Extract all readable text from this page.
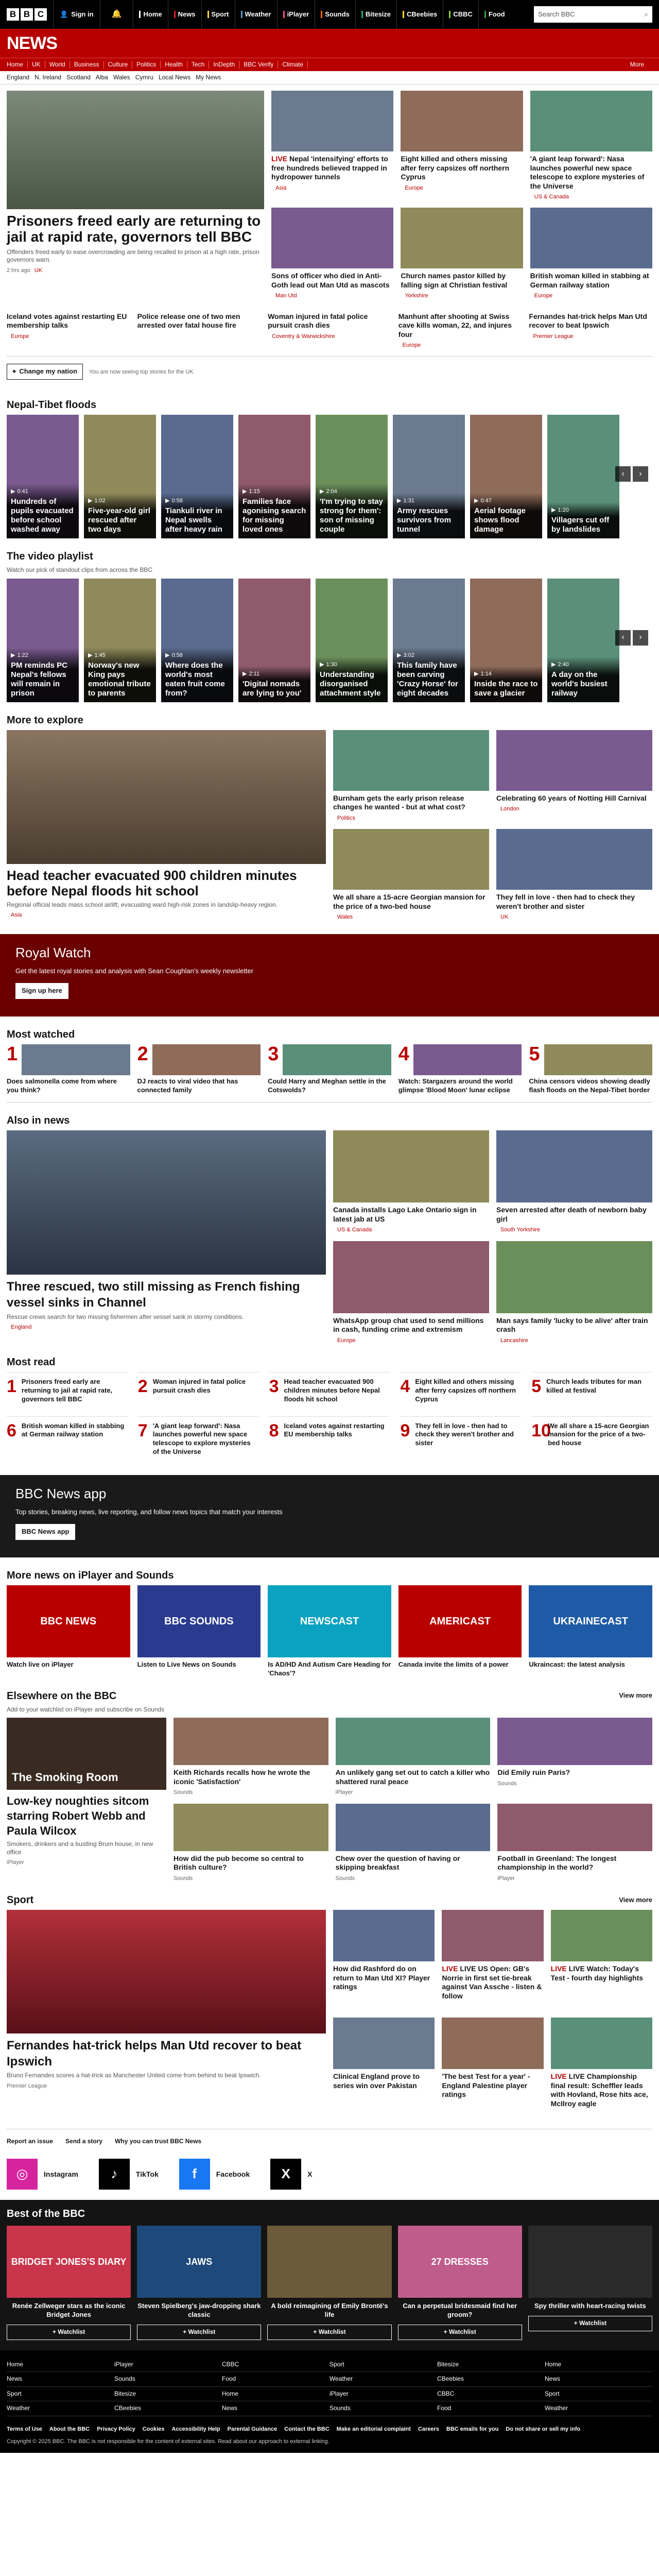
B B C	👤 Sign in	🔔	Home News Sport Weather iPlayer Sounds Bitesize CBeebies CBBC Food	Search BBC	⌕
NEWS
Home	UK	World	Business	Culture	Politics	Health	Tech	InDepth	BBC Verify	Climate	More
England N. Ireland Scotland Alba Wales Cymru Local News My News
Prisoners freed early are returning to jail at rapid rate, governors tell BBC

Offenders freed early to ease overcrowding are being recalled to prison at a high rate, prison governors warn.

2 hrs ago UK
LIVE Nepal 'intensifying' efforts to free hundreds believed trapped in hydropower tunnels
Asia
Eight killed and others missing after ferry capsizes off northern Cyprus
Europe
'A giant leap forward': Nasa launches powerful new space telescope to explore mysteries of the Universe
US & Canada
Sons of officer who died in Anti-Goth lead out Man Utd as mascots
Man Utd
Church names pastor killed by falling sign at Christian festival
Yorkshire
British woman killed in stabbing at German railway station
Europe
Iceland votes against restarting EU membership talks
Europe
Police release one of two men arrested over fatal house fire
Woman injured in fatal police pursuit crash dies
Coventry & Warwickshire
Manhunt after shooting at Swiss cave kills woman, 22, and injures four
Europe
Fernandes hat-trick helps Man Utd recover to beat Ipswich
Premier League
⌖ Change my nation You are now seeing top stories for the UK
Nepal-Tibet floods
▶ 0:41
Hundreds of pupils evacuated before school washed away
▶ 1:02
Five-year-old girl rescued after two days
▶ 0:58
Tiankuli river in Nepal swells after heavy rain
▶ 1:15
Families face agonising search for missing loved ones
▶ 2:04
'I'm trying to stay strong for them': son of missing couple
▶ 1:31
Army rescues survivors from tunnel
▶ 0:47
Aerial footage shows flood damage
▶ 1:20
Villagers cut off by landslides
‹	›
The video playlist
Watch our pick of standout clips from across the BBC
▶ 1:22
PM reminds PC Nepal's fellows will remain in prison
▶ 1:45
Norway's new King pays emotional tribute to parents
▶ 0:58
Where does the world's most eaten fruit come from?
▶ 2:11
'Digital nomads are lying to you'
▶ 1:30
Understanding disorganised attachment style
▶ 3:02
This family have been carving 'Crazy Horse' for eight decades
▶ 1:14
Inside the race to save a glacier
▶ 2:40
A day on the world's busiest railway
‹	›
More to explore
Head teacher evacuated 900 children minutes before Nepal floods hit school

Regional official leads mass school airlift; evacuating ward high-risk zones in landslip-heavy region.

Asia
Burnham gets the early prison release changes he wanted - but at what cost?
Politics
Celebrating 60 years of Notting Hill Carnival
London
We all share a 15-acre Georgian mansion for the price of a two-bed house
Wales
They fell in love - then had to check they weren't brother and sister
UK
Royal Watch

Get the latest royal stories and analysis with Sean Coughlan's weekly newsletter

Sign up here
Most watched
1
Does salmonella come from where you think?
2
DJ reacts to viral video that has connected family
3
Could Harry and Meghan settle in the Cotswolds?
4
Watch: Stargazers around the world glimpse 'Blood Moon' lunar eclipse
5
China censors videos showing deadly flash floods on the Nepal-Tibet border
Also in news
Three rescued, two still missing as French fishing vessel sinks in Channel

Rescue crews search for two missing fishermen after vessel sank in stormy conditions.

England
Canada installs Lago Lake Ontario sign in latest jab at US
US & Canada
Seven arrested after death of newborn baby girl
South Yorkshire
WhatsApp group chat used to send millions in cash, funding crime and extremism
Europe
Man says family 'lucky to be alive' after train crash
Lancashire
Most read
1 Prisoners freed early are returning to jail at rapid rate, governors tell BBC
2 Woman injured in fatal police pursuit crash dies	3 Head teacher evacuated 900 children minutes before Nepal floods hit school
4 Eight killed and others missing after ferry capsizes off northern Cyprus
5 Church leads tributes for man killed at festival
6 British woman killed in stabbing at German railway station	7 'A giant leap forward': Nasa launches powerful new space telescope to explore mysteries of the Universe
8 Iceland votes against restarting EU membership talks	9 They fell in love - then had to check they weren't brother and sister
10
We all share a 15-acre Georgian mansion for the price of a two-bed house
BBC News app

Top stories, breaking news, live reporting, and follow news topics that match your interests

BBC News app
More news on iPlayer and Sounds
BBC NEWS
Watch live on iPlayer
BBC SOUNDS
Listen to Live News on Sounds
NEWSCAST
Is AD/HD And Autism Care Heading for 'Chaos'?
AMERICAST
Canada invite the limits of a power
UKRAINECAST
Ukraincast: the latest analysis
Elsewhere on the BBC	View more
Add to your watchlist on iPlayer and subscribe on Sounds
The Smoking Room
Low-key noughties sitcom starring Robert Webb and Paula Wilcox

Smokers, drinkers and a bustling Brum house, in new office

iPlayer
Keith Richards recalls how he wrote the iconic 'Satisfaction'
Sounds
An unlikely gang set out to catch a killer who shattered rural peace
iPlayer
Did Emily ruin Paris?
Sounds
How did the pub become so central to British culture?
Sounds
Chew over the question of having or skipping breakfast
Sounds
Football in Greenland: The longest championship in the world?
iPlayer
Sport	View more
Fernandes hat-trick helps Man Utd recover to beat Ipswich

Bruno Fernandes scores a hat-trick as Manchester United come from behind to beat Ipswich.

Premier League
How did Rashford do on return to Man Utd XI? Player ratings
LIVE LIVE US Open: GB's Norrie in first set tie-break against Van Assche - listen & follow
LIVE LIVE Watch: Today's Test - fourth day highlights
Clinical England prove to series win over Pakistan
'The best Test for a year' - England Palestine player ratings
LIVE LIVE Championship final result: Scheffler leads with Hovland, Rose hits ace, McIlroy eagle
Report an issue Send a story Why you can trust BBC News
◎	Instagram	♪	TikTok	f	Facebook	X	X
Best of the BBC
BRIDGET JONES'S DIARY
Renée Zellweger stars as the iconic Bridget Jones
+ Watchlist
JAWS
Steven Spielberg's jaw-dropping shark classic
+ Watchlist
A bold reimagining of Emily Brontë's life
+ Watchlist
27 DRESSES
Can a perpetual bridesmaid find her groom?
+ Watchlist
Spy thriller with heart-racing twists
+ Watchlist
Home
News
Sport
Weather
iPlayer
Sounds
Bitesize
CBeebies
CBBC
Food
Home
News
Sport
Weather
iPlayer
Sounds
Bitesize
CBeebies
CBBC
Food
Home
News
Sport
Weather
Terms of Use About the BBC Privacy Policy Cookies Accessibility Help Parental Guidance Contact the BBC Make an editorial complaint Careers BBC emails for you Do not share or sell my info
Copyright © 2025 BBC. The BBC is not responsible for the content of external sites. Read about our approach to external linking.
